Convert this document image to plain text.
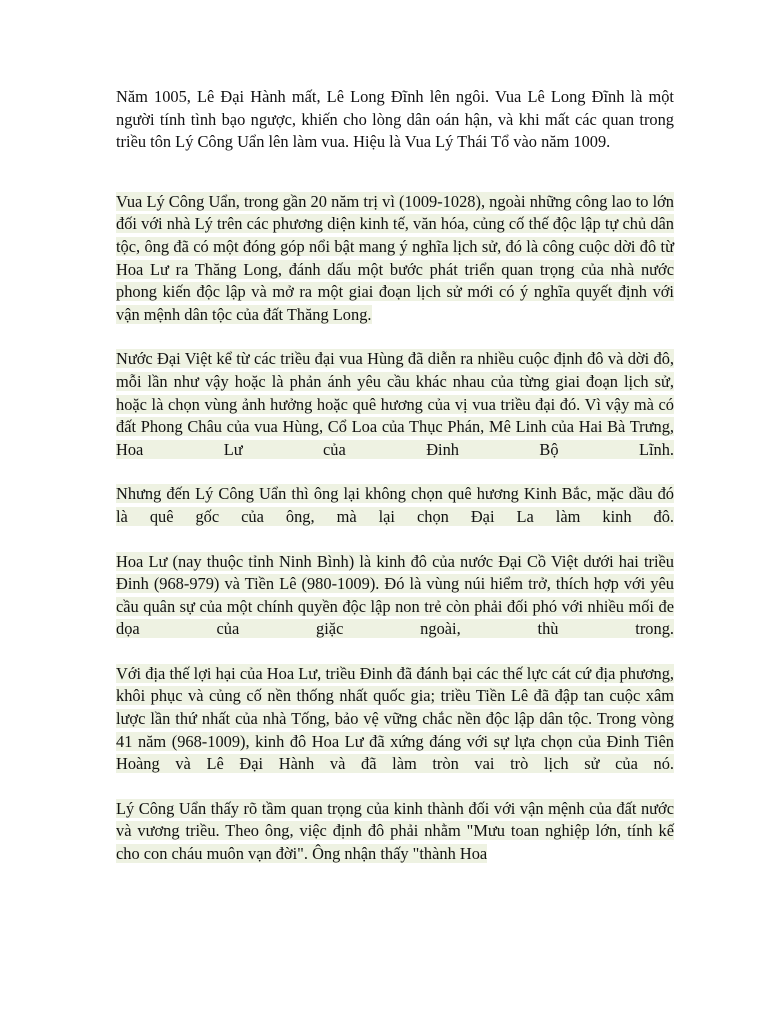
Năm 1005, Lê Đại Hành mất, Lê Long Đĩnh lên ngôi. Vua Lê Long Đĩnh là một người tính tình bạo ngược, khiến cho lòng dân oán hận, và khi mất các quan trong triều tôn Lý Công Uẩn lên làm vua. Hiệu là Vua Lý Thái Tổ vào năm 1009.

Vua Lý Công Uẩn, trong gần 20 năm trị vì (1009-1028), ngoài những công lao to lớn đối với nhà Lý trên các phương diện kinh tế, văn hóa, củng cố thế độc lập tự chủ dân tộc, ông đã có một đóng góp nổi bật mang ý nghĩa lịch sử, đó là công cuộc dời đô từ Hoa Lư ra Thăng Long, đánh dấu một bước phát triển quan trọng của nhà nước phong kiến độc lập và mở ra một giai đoạn lịch sử mới có ý nghĩa quyết định với vận mệnh dân tộc của đất Thăng Long.

Nước Đại Việt kể từ các triều đại vua Hùng đã diễn ra nhiều cuộc định đô và dời đô, mỗi lần như vậy hoặc là phản ánh yêu cầu khác nhau của từng giai đoạn lịch sử, hoặc là chọn vùng ảnh hưởng hoặc quê hương của vị vua triều đại đó. Vì vậy mà có đất Phong Châu của vua Hùng, Cổ Loa của Thục Phán, Mê Linh của Hai Bà Trưng, Hoa Lư của Đinh Bộ Lĩnh.

Nhưng đến Lý Công Uẩn thì ông lại không chọn quê hương Kinh Bắc, mặc dầu đó là quê gốc của ông, mà lại chọn Đại La làm kinh đô.

Hoa Lư (nay thuộc tỉnh Ninh Bình) là kinh đô của nước Đại Cồ Việt dưới hai triều Đinh (968-979) và Tiền Lê (980-1009). Đó là vùng núi hiểm trở, thích hợp với yêu cầu quân sự của một chính quyền độc lập non trẻ còn phải đối phó với nhiều mối đe dọa của giặc ngoài, thù trong.

Với địa thế lợi hại của Hoa Lư, triều Đinh đã đánh bại các thế lực cát cứ địa phương, khôi phục và củng cố nền thống nhất quốc gia; triều Tiền Lê đã đập tan cuộc xâm lược lần thứ nhất của nhà Tống, bảo vệ vững chắc nền độc lập dân tộc. Trong vòng 41 năm (968-1009), kinh đô Hoa Lư đã xứng đáng với sự lựa chọn của Đinh Tiên Hoàng và Lê Đại Hành và đã làm tròn vai trò lịch sử của nó.

Lý Công Uẩn thấy rõ tầm quan trọng của kinh thành đối với vận mệnh của đất nước và vương triều. Theo ông, việc định đô phải nhằm "Mưu toan nghiệp lớn, tính kế cho con cháu muôn vạn đời". Ông nhận thấy "thành Hoa
